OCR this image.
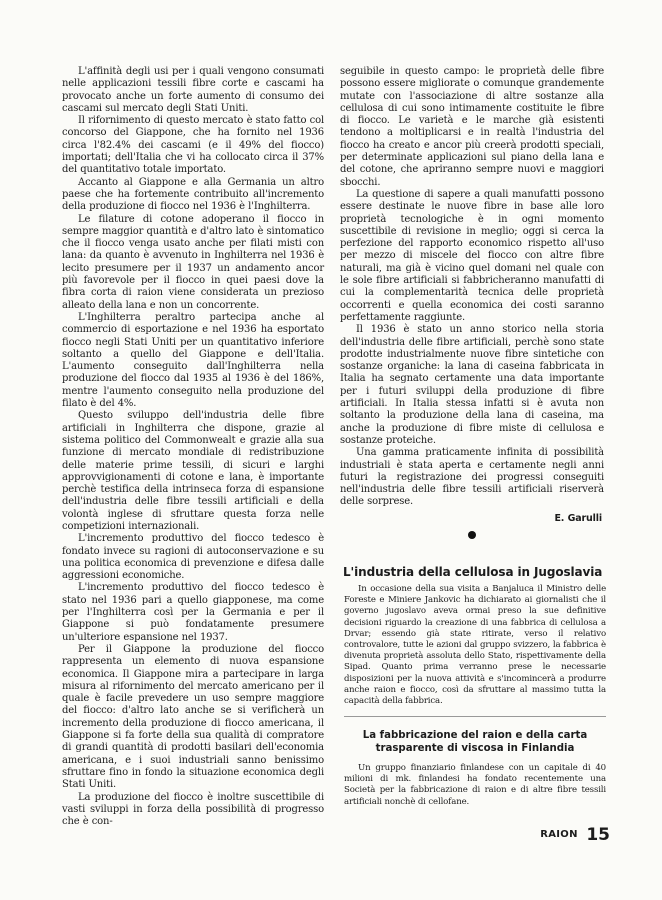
L'affinità degli usi per i quali vengono consumati nelle applicazioni tessili fibre corte e cascami ha provocato anche un forte aumento di consumo dei cascami sul mercato degli Stati Uniti.

Il rifornimento di questo mercato è stato fatto col concorso del Giappone, che ha fornito nel 1936 circa l'82.4% dei cascami (e il 49% del fiocco) importati; dell'Italia che vi ha collocato circa il 37% del quantitativo totale importato.

Accanto al Giappone e alla Germania un altro paese che ha fortemente contribuito all'incremento della produzione di fiocco nel 1936 è l'Inghilterra.

Le filature di cotone adoperano il fiocco in sempre maggior quantità e d'altro lato è sintomatico che il fiocco venga usato anche per filati misti con lana: da quanto è avvenuto in Inghilterra nel 1936 è lecito presumere per il 1937 un andamento ancor più favorevole per il fiocco in quei paesi dove la fibra corta di raion viene considerata un prezioso alleato della lana e non un concorrente.

L'Inghilterra peraltro partecipa anche al commercio di esportazione e nel 1936 ha esportato fiocco negli Stati Uniti per un quantitativo inferiore soltanto a quello del Giappone e dell'Italia. L'aumento conseguito dall'Inghilterra nella produzione del fiocco dal 1935 al 1936 è del 186%, mentre l'aumento conseguito nella produzione del filato è del 4%.

Questo sviluppo dell'industria delle fibre artificiali in Inghilterra che dispone, grazie al sistema politico del Commonwealt e grazie alla sua funzione di mercato mondiale di redistribuzione delle materie prime tessili, di sicuri e larghi approvvigionamenti di cotone e lana, è importante perchè testifica della intrinseca forza di espansione dell'industria delle fibre tessili artificiali e della volontà inglese di sfruttare questa forza nelle competizioni internazionali.

L'incremento produttivo del fiocco tedesco è fondato invece su ragioni di autoconservazione e su una politica economica di prevenzione e difesa dalle aggressioni economiche.

L'incremento produttivo del fiocco tedesco è stato nel 1936 pari a quello giapponese, ma come per l'Inghilterra così per la Germania e per il Giappone si può fondatamente presumere un'ulteriore espansione nel 1937.

Per il Giappone la produzione del fiocco rappresenta un elemento di nuova espansione economica. Il Giappone mira a partecipare in larga misura al rifornimento del mercato americano per il quale è facile prevedere un uso sempre maggiore del fiocco: d'altro lato anche se si verificherà un incremento della produzione di fiocco americana, il Giappone si fa forte della sua qualità di compratore di grandi quantità di prodotti basilari dell'economia americana, e i suoi industriali sanno benissimo sfruttare fino in fondo la situazione economica degli Stati Uniti.

La produzione del fiocco è inoltre suscettibile di vasti sviluppi in forza della possibilità di progresso che è con-

seguibile in questo campo: le proprietà delle fibre possono essere migliorate o comunque grandemente mutate con l'associazione di altre sostanze alla cellulosa di cui sono intimamente costituite le fibre di fiocco. Le varietà e le marche già esistenti tendono a moltiplicarsi e in realtà l'industria del fiocco ha creato e ancor più creerà prodotti speciali, per determinate applicazioni sul piano della lana e del cotone, che apriranno sempre nuovi e maggiori sbocchi.

La questione di sapere a quali manufatti possono essere destinate le nuove fibre in base alle loro proprietà tecnologiche è in ogni momento suscettibile di revisione in meglio; oggi si cerca la perfezione del rapporto economico rispetto all'uso per mezzo di miscele del fiocco con altre fibre naturali, ma già è vicino quel domani nel quale con le sole fibre artificiali si fabbricheranno manufatti di cui la complementarità tecnica delle proprietà occorrenti e quella economica dei costi saranno perfettamente raggiunte.

Il 1936 è stato un anno storico nella storia dell'industria delle fibre artificiali, perchè sono state prodotte industrialmente nuove fibre sintetiche con sostanze organiche: la lana di caseina fabbricata in Italia ha segnato certamente una data importante per i futuri sviluppi della produzione di fibre artificiali. In Italia stessa infatti si è avuta non soltanto la produzione della lana di caseina, ma anche la produzione di fibre miste di cellulosa e sostanze proteiche.

Una gamma praticamente infinita di possibilità industriali è stata aperta e certamente negli anni futuri la registrazione dei progressi conseguiti nell'industria delle fibre tessili artificiali riserverà delle sorprese.

E. Garulli
L'industria della cellulosa in Jugoslavia

In occasione della sua visita a Banjaluca il Ministro delle Foreste e Miniere Jankovic ha dichiarato ai giornalisti che il governo jugoslavo aveva ormai preso la sue definitive decisioni riguardo la creazione di una fabbrica di cellulosa a Drvar; essendo già state ritirate, verso il relativo controvalore, tutte le azioni dal gruppo svizzero, la fabbrica è divenuta proprietà assoluta dello Stato, rispettivamente della Sipad. Quanto prima verranno prese le necessarie disposizioni per la nuova attività e s'incomincerà a produrre anche raion e fiocco, così da sfruttare al massimo tutta la capacità della fabbrica.

La fabbricazione del raion e della carta trasparente di viscosa in Finlandia

Un gruppo finanziario finlandese con un capitale di 40 milioni di mk. finlandesi ha fondato recentemente una Società per la fabbricazione di raion e di altre fibre tessili artificiali nonchè di cellofane.

RAION 15
